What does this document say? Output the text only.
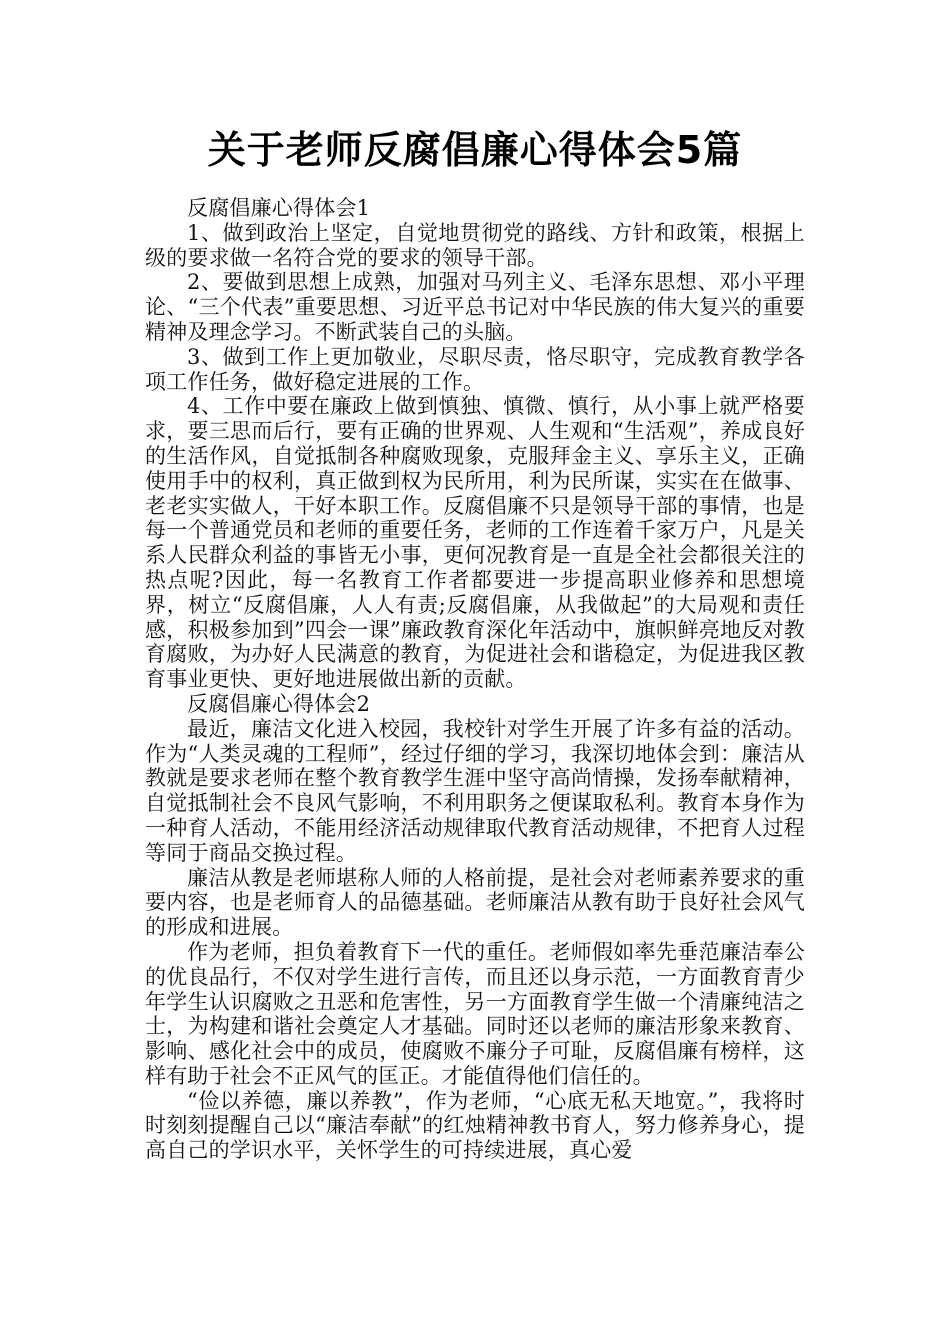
关于老师反腐倡廉心得体会5篇

反腐倡廉心得体会1

1、做到政治上坚定，自觉地贯彻党的路线、方针和政策，根据上级的要求做一名符合党的要求的领导干部。

2、要做到思想上成熟，加强对马列主义、毛泽东思想、邓小平理论、“三个代表”重要思想、习近平总书记对中华民族的伟大复兴的重要精神及理念学习。不断武装自己的头脑。

3、做到工作上更加敬业，尽职尽责，恪尽职守，完成教育教学各项工作任务，做好稳定进展的工作。

4、工作中要在廉政上做到慎独、慎微、慎行，从小事上就严格要求，要三思而后行，要有正确的世界观、人生观和“生活观”，养成良好的生活作风，自觉抵制各种腐败现象，克服拜金主义、享乐主义，正确使用手中的权利，真正做到权为民所用，利为民所谋，实实在在做事、老老实实做人，干好本职工作。反腐倡廉不只是领导干部的事情，也是每一个普通党员和老师的重要任务，老师的工作连着千家万户，凡是关系人民群众利益的事皆无小事，更何况教育是一直是全社会都很关注的热点呢?因此，每一名教育工作者都要进一步提高职业修养和思想境界，树立“反腐倡廉，人人有责;反腐倡廉，从我做起”的大局观和责任感，积极参加到”四会一课”廉政教育深化年活动中，旗帜鲜亮地反对教育腐败，为办好人民满意的教育，为促进社会和谐稳定，为促进我区教育事业更快、更好地进展做出新的贡献。

反腐倡廉心得体会2

最近，廉洁文化进入校园，我校针对学生开展了许多有益的活动。作为“人类灵魂的工程师”，经过仔细的学习，我深切地体会到：廉洁从教就是要求老师在整个教育教学生涯中坚守高尚情操，发扬奉献精神，自觉抵制社会不良风气影响，不利用职务之便谋取私利。教育本身作为一种育人活动，不能用经济活动规律取代教育活动规律，不把育人过程等同于商品交换过程。

廉洁从教是老师堪称人师的人格前提，是社会对老师素养要求的重要内容，也是老师育人的品德基础。老师廉洁从教有助于良好社会风气的形成和进展。

作为老师，担负着教育下一代的重任。老师假如率先垂范廉洁奉公的优良品行，不仅对学生进行言传，而且还以身示范，一方面教育青少年学生认识腐败之丑恶和危害性，另一方面教育学生做一个清廉纯洁之士，为构建和谐社会奠定人才基础。同时还以老师的廉洁形象来教育、影响、感化社会中的成员，使腐败不廉分子可耻，反腐倡廉有榜样，这样有助于社会不正风气的匡正。才能值得他们信任的。

“俭以养德，廉以养教”，作为老师，“心底无私天地宽。”，我将时时刻刻提醒自己以“廉洁奉献”的红烛精神教书育人，努力修养身心，提高自己的学识水平，关怀学生的可持续进展，真心爱
